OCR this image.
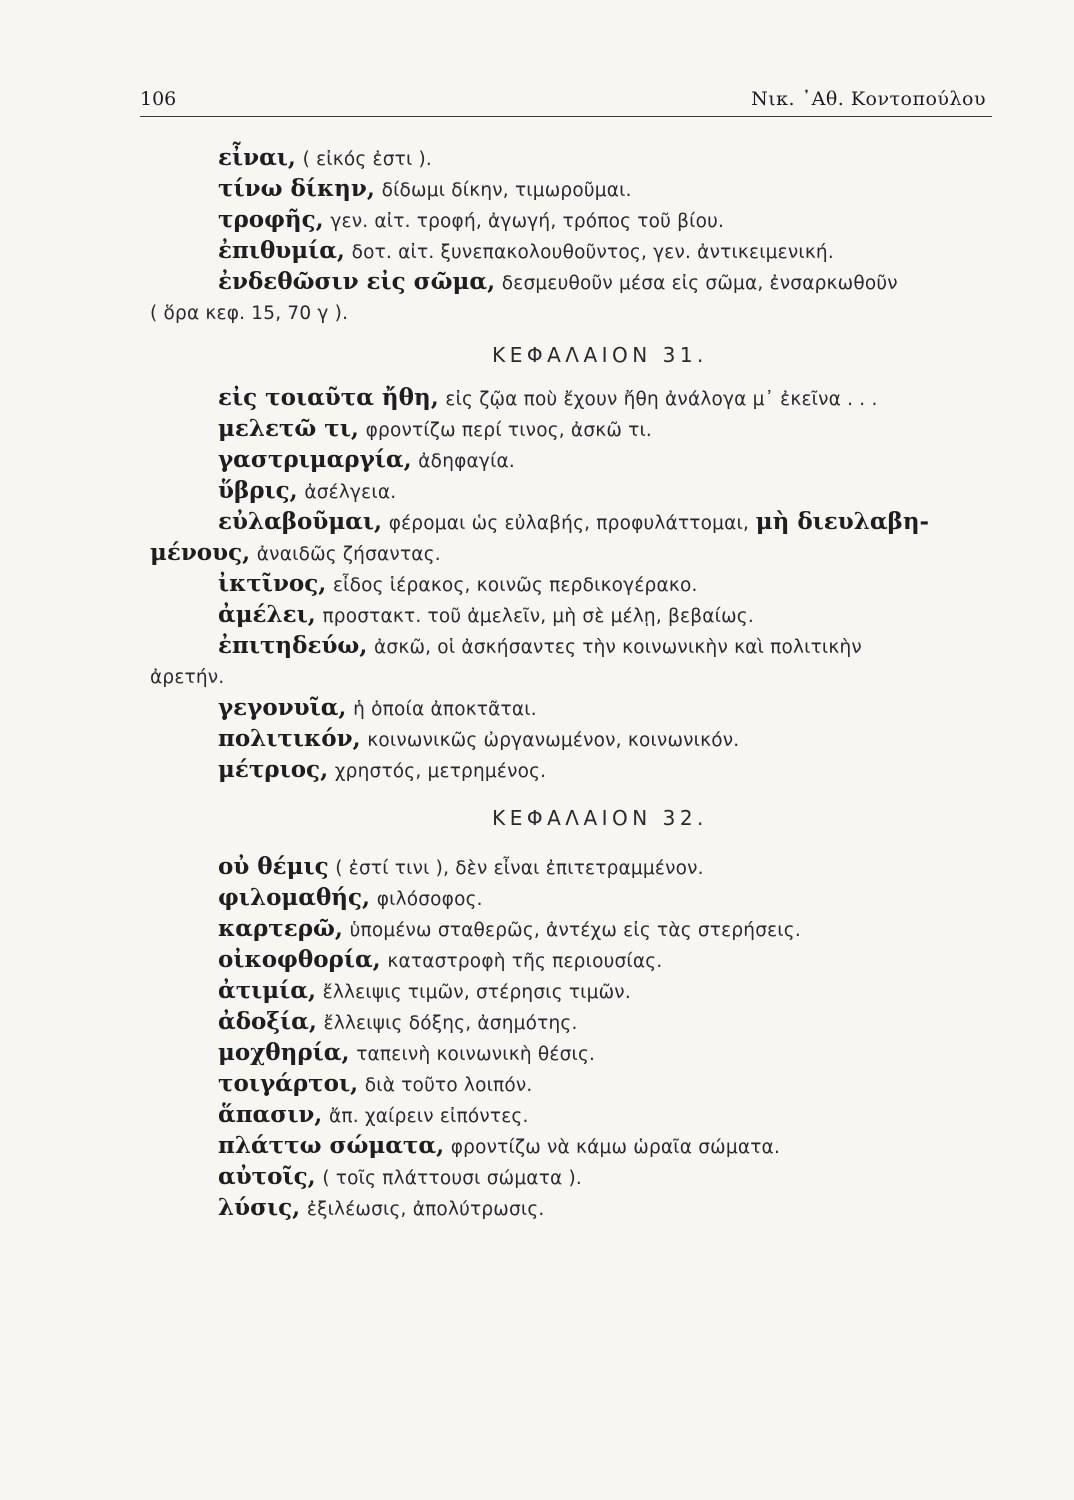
106	Νικ. ᾿Αθ. Κοντοπούλου
εἶναι, ( εἰκός ἐστι ).
τίνω δίκην, δίδωμι δίκην, τιμωροῦμαι.
τροφῆς, γεν. αἰτ. τροφή, ἀγωγή, τρόπος τοῦ βίου.
ἐπιθυμία, δοτ. αἰτ. ξυνεπακολουθοῦντος, γεν. ἀντικειμενική.
ἐνδεθῶσιν εἰς σῶμα, δεσμευθοῦν μέσα εἰς σῶμα, ἐνσαρκωθοῦν
( ὅρα κεφ. 15, 70 γ ).
ΚΕΦΑΛΑΙΟΝ 31.
εἰς τοιαῦτα ἤθη, εἰς ζῷα ποὺ ἔχουν ἤθη ἀνάλογα μ᾿ ἐκεῖνα . . .
μελετῶ τι, φροντίζω περί τινος, ἀσκῶ τι.
γαστριμαργία, ἀδηφαγία.
ὕβρις, ἀσέλγεια.
εὐλαβοῦμαι, φέρομαι ὡς εὐλαβής, προφυλάττομαι, μὴ διευλαβη-
μένους, ἀναιδῶς ζήσαντας.
ἰκτῖνος, εἶδος ἱέρακος, κοινῶς περδικογέρακο.
ἀμέλει, προστακτ. τοῦ ἀμελεῖν, μὴ σὲ μέλῃ, βεβαίως.
ἐπιτηδεύω, ἀσκῶ, οἱ ἀσκήσαντες τὴν κοινωνικὴν καὶ πολιτικὴν
ἀρετήν.
γεγονυῖα, ἡ ὁποία ἀποκτᾶται.
πολιτικόν, κοινωνικῶς ὠργανωμένον, κοινωνικόν.
μέτριος, χρηστός, μετρημένος.
ΚΕΦΑΛΑΙΟΝ 32.
οὐ θέμις ( ἐστί τινι ), δὲν εἶναι ἐπιτετραμμένον.
φιλομαθής, φιλόσοφος.
καρτερῶ, ὑπομένω σταθερῶς, ἀντέχω εἰς τὰς στερήσεις.
οἰκοφθορία, καταστροφὴ τῆς περιουσίας.
ἀτιμία, ἔλλειψις τιμῶν, στέρησις τιμῶν.
ἀδοξία, ἔλλειψις δόξης, ἀσημότης.
μοχθηρία, ταπεινὴ κοινωνικὴ θέσις.
τοιγάρτοι, διὰ τοῦτο λοιπόν.
ἅπασιν, ἄπ. χαίρειν εἰπόντες.
πλάττω σώματα, φροντίζω νὰ κάμω ὡραῖα σώματα.
αὐτοῖς, ( τοῖς πλάττουσι σώματα ).
λύσις, ἐξιλέωσις, ἀπολύτρωσις.
